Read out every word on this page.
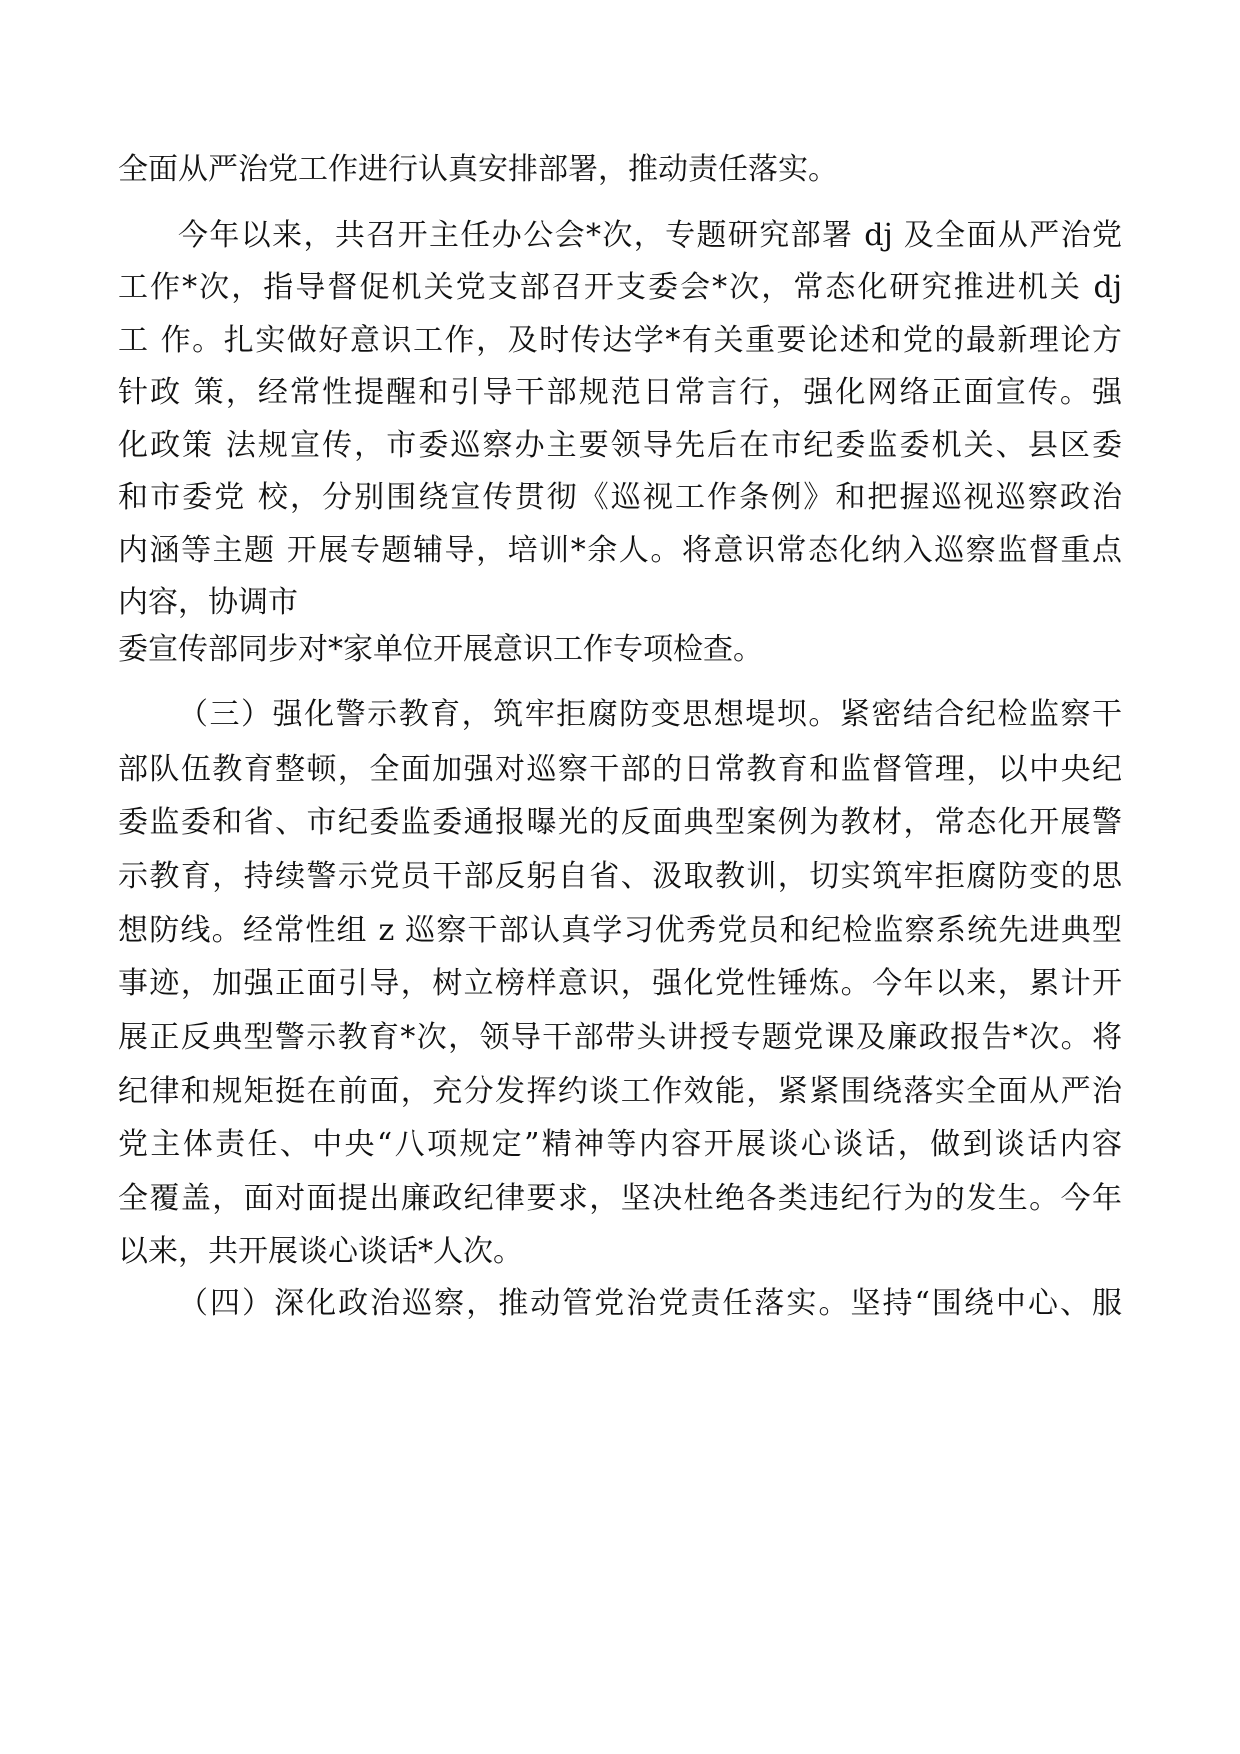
全面从严治党工作进行认真安排部署，推动责任落实。

今年以来，共召开主任办公会*次，专题研究部署 dj 及全面从严治党

工作*次，指导督促机关党支部召开支委会*次，常态化研究推进机关 dj

工 作。扎实做好意识工作，及时传达学*有关重要论述和党的最新理论方

针政 策，经常性提醒和引导干部规范日常言行，强化网络正面宣传。强

化政策 法规宣传，市委巡察办主要领导先后在市纪委监委机关、县区委

和市委党 校，分别围绕宣传贯彻《巡视工作条例》和把握巡视巡察政治

内涵等主题 开展专题辅导，培训*余人。将意识常态化纳入巡察监督重点

内容，协调市

委宣传部同步对*家单位开展意识工作专项检查。

（三）强化警示教育，筑牢拒腐防变思想堤坝。紧密结合纪检监察干

部队伍教育整顿，全面加强对巡察干部的日常教育和监督管理，以中央纪

委监委和省、市纪委监委通报曝光的反面典型案例为教材，常态化开展警

示教育，持续警示党员干部反躬自省、汲取教训，切实筑牢拒腐防变的思

想防线。经常性组 z 巡察干部认真学习优秀党员和纪检监察系统先进典型

事迹，加强正面引导，树立榜样意识，强化党性锤炼。今年以来，累计开

展正反典型警示教育*次，领导干部带头讲授专题党课及廉政报告*次。将

纪律和规矩挺在前面，充分发挥约谈工作效能，紧紧围绕落实全面从严治

党主体责任、中央“八项规定”精神等内容开展谈心谈话，做到谈话内容

全覆盖，面对面提出廉政纪律要求，坚决杜绝各类违纪行为的发生。今年

以来，共开展谈心谈话*人次。

（四）深化政治巡察，推动管党治党责任落实。坚持“围绕中心、服
